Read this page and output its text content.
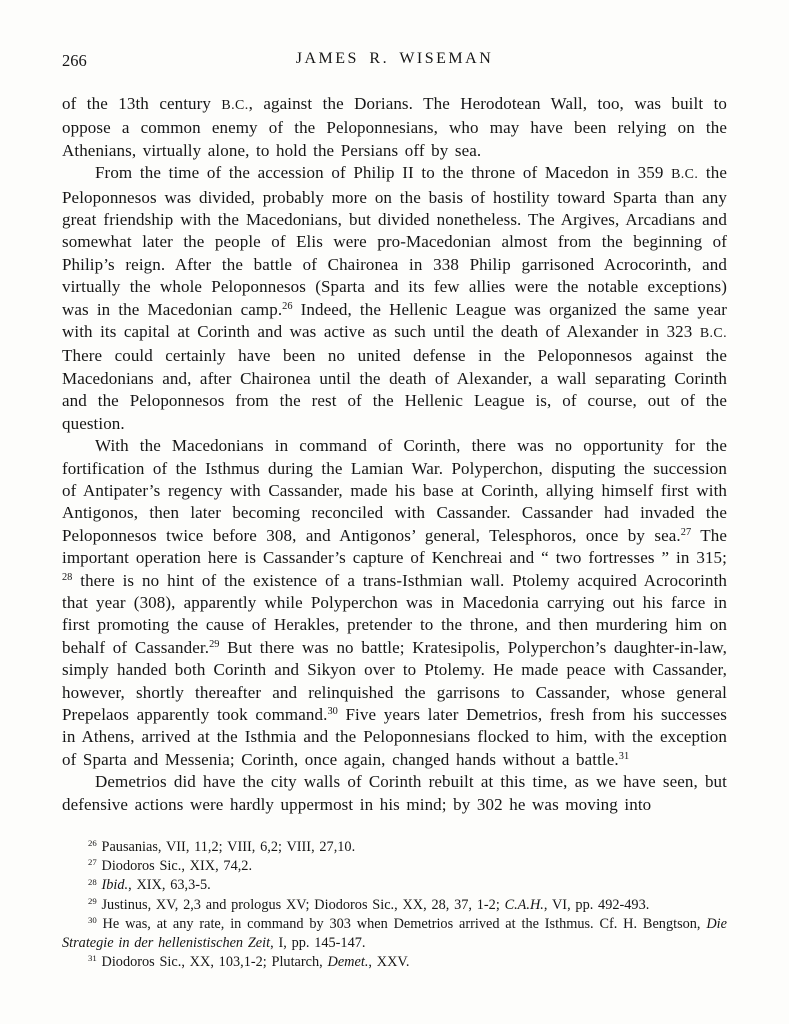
266	JAMES R. WISEMAN

of the 13th century B.C., against the Dorians. The Herodotean Wall, too, was built to oppose a common enemy of the Peloponnesians, who may have been relying on the Athenians, virtually alone, to hold the Persians off by sea.

From the time of the accession of Philip II to the throne of Macedon in 359 B.C. the Peloponnesos was divided, probably more on the basis of hostility toward Sparta than any great friendship with the Macedonians, but divided nonetheless. The Argives, Arcadians and somewhat later the people of Elis were pro-Macedonian almost from the beginning of Philip’s reign. After the battle of Chaironea in 338 Philip garrisoned Acrocorinth, and virtually the whole Peloponnesos (Sparta and its few allies were the notable exceptions) was in the Macedonian camp.$^{26}$ Indeed, the Hellenic League was organized the same year with its capital at Corinth and was active as such until the death of Alexander in 323 B.C. There could certainly have been no united defense in the Peloponnesos against the Macedonians and, after Chaironea until the death of Alexander, a wall separating Corinth and the Peloponnesos from the rest of the Hellenic League is, of course, out of the question.

With the Macedonians in command of Corinth, there was no opportunity for the fortification of the Isthmus during the Lamian War. Polyperchon, disputing the succession of Antipater’s regency with Cassander, made his base at Corinth, allying himself first with Antigonos, then later becoming reconciled with Cassander. Cassander had invaded the Peloponnesos twice before 308, and Antigonos’ general, Telesphoros, once by sea.$^{27}$ The important operation here is Cassander’s capture of Kenchreai and “ two fortresses ” in 315; $^{28}$ there is no hint of the existence of a trans-Isthmian wall. Ptolemy acquired Acrocorinth that year (308), apparently while Polyperchon was in Macedonia carrying out his farce in first promoting the cause of Herakles, pretender to the throne, and then murdering him on behalf of Cassander.$^{29}$ But there was no battle; Kratesipolis, Polyperchon’s daughter-in-law, simply handed both Corinth and Sikyon over to Ptolemy. He made peace with Cassander, however, shortly thereafter and relinquished the garrisons to Cassander, whose general Prepelaos apparently took command.$^{30}$ Five years later Demetrios, fresh from his successes in Athens, arrived at the Isthmia and the Peloponnesians flocked to him, with the exception of Sparta and Messenia; Corinth, once again, changed hands without a battle.$^{31}$

Demetrios did have the city walls of Corinth rebuilt at this time, as we have seen, but defensive actions were hardly uppermost in his mind; by 302 he was moving into

$^{26}$ Pausanias, VII, 11,2; VIII, 6,2; VIII, 27,10.

$^{27}$ Diodoros Sic., XIX, 74,2.

$^{28}$ Ibid., XIX, 63,3-5.

$^{29}$ Justinus, XV, 2,3 and prologus XV; Diodoros Sic., XX, 28, 37, 1-2; C.A.H., VI, pp. 492-493.

$^{30}$ He was, at any rate, in command by 303 when Demetrios arrived at the Isthmus. Cf. H. Bengtson, Die Strategie in der hellenistischen Zeit, I, pp. 145-147.

$^{31}$ Diodoros Sic., XX, 103,1-2; Plutarch, Demet., XXV.
